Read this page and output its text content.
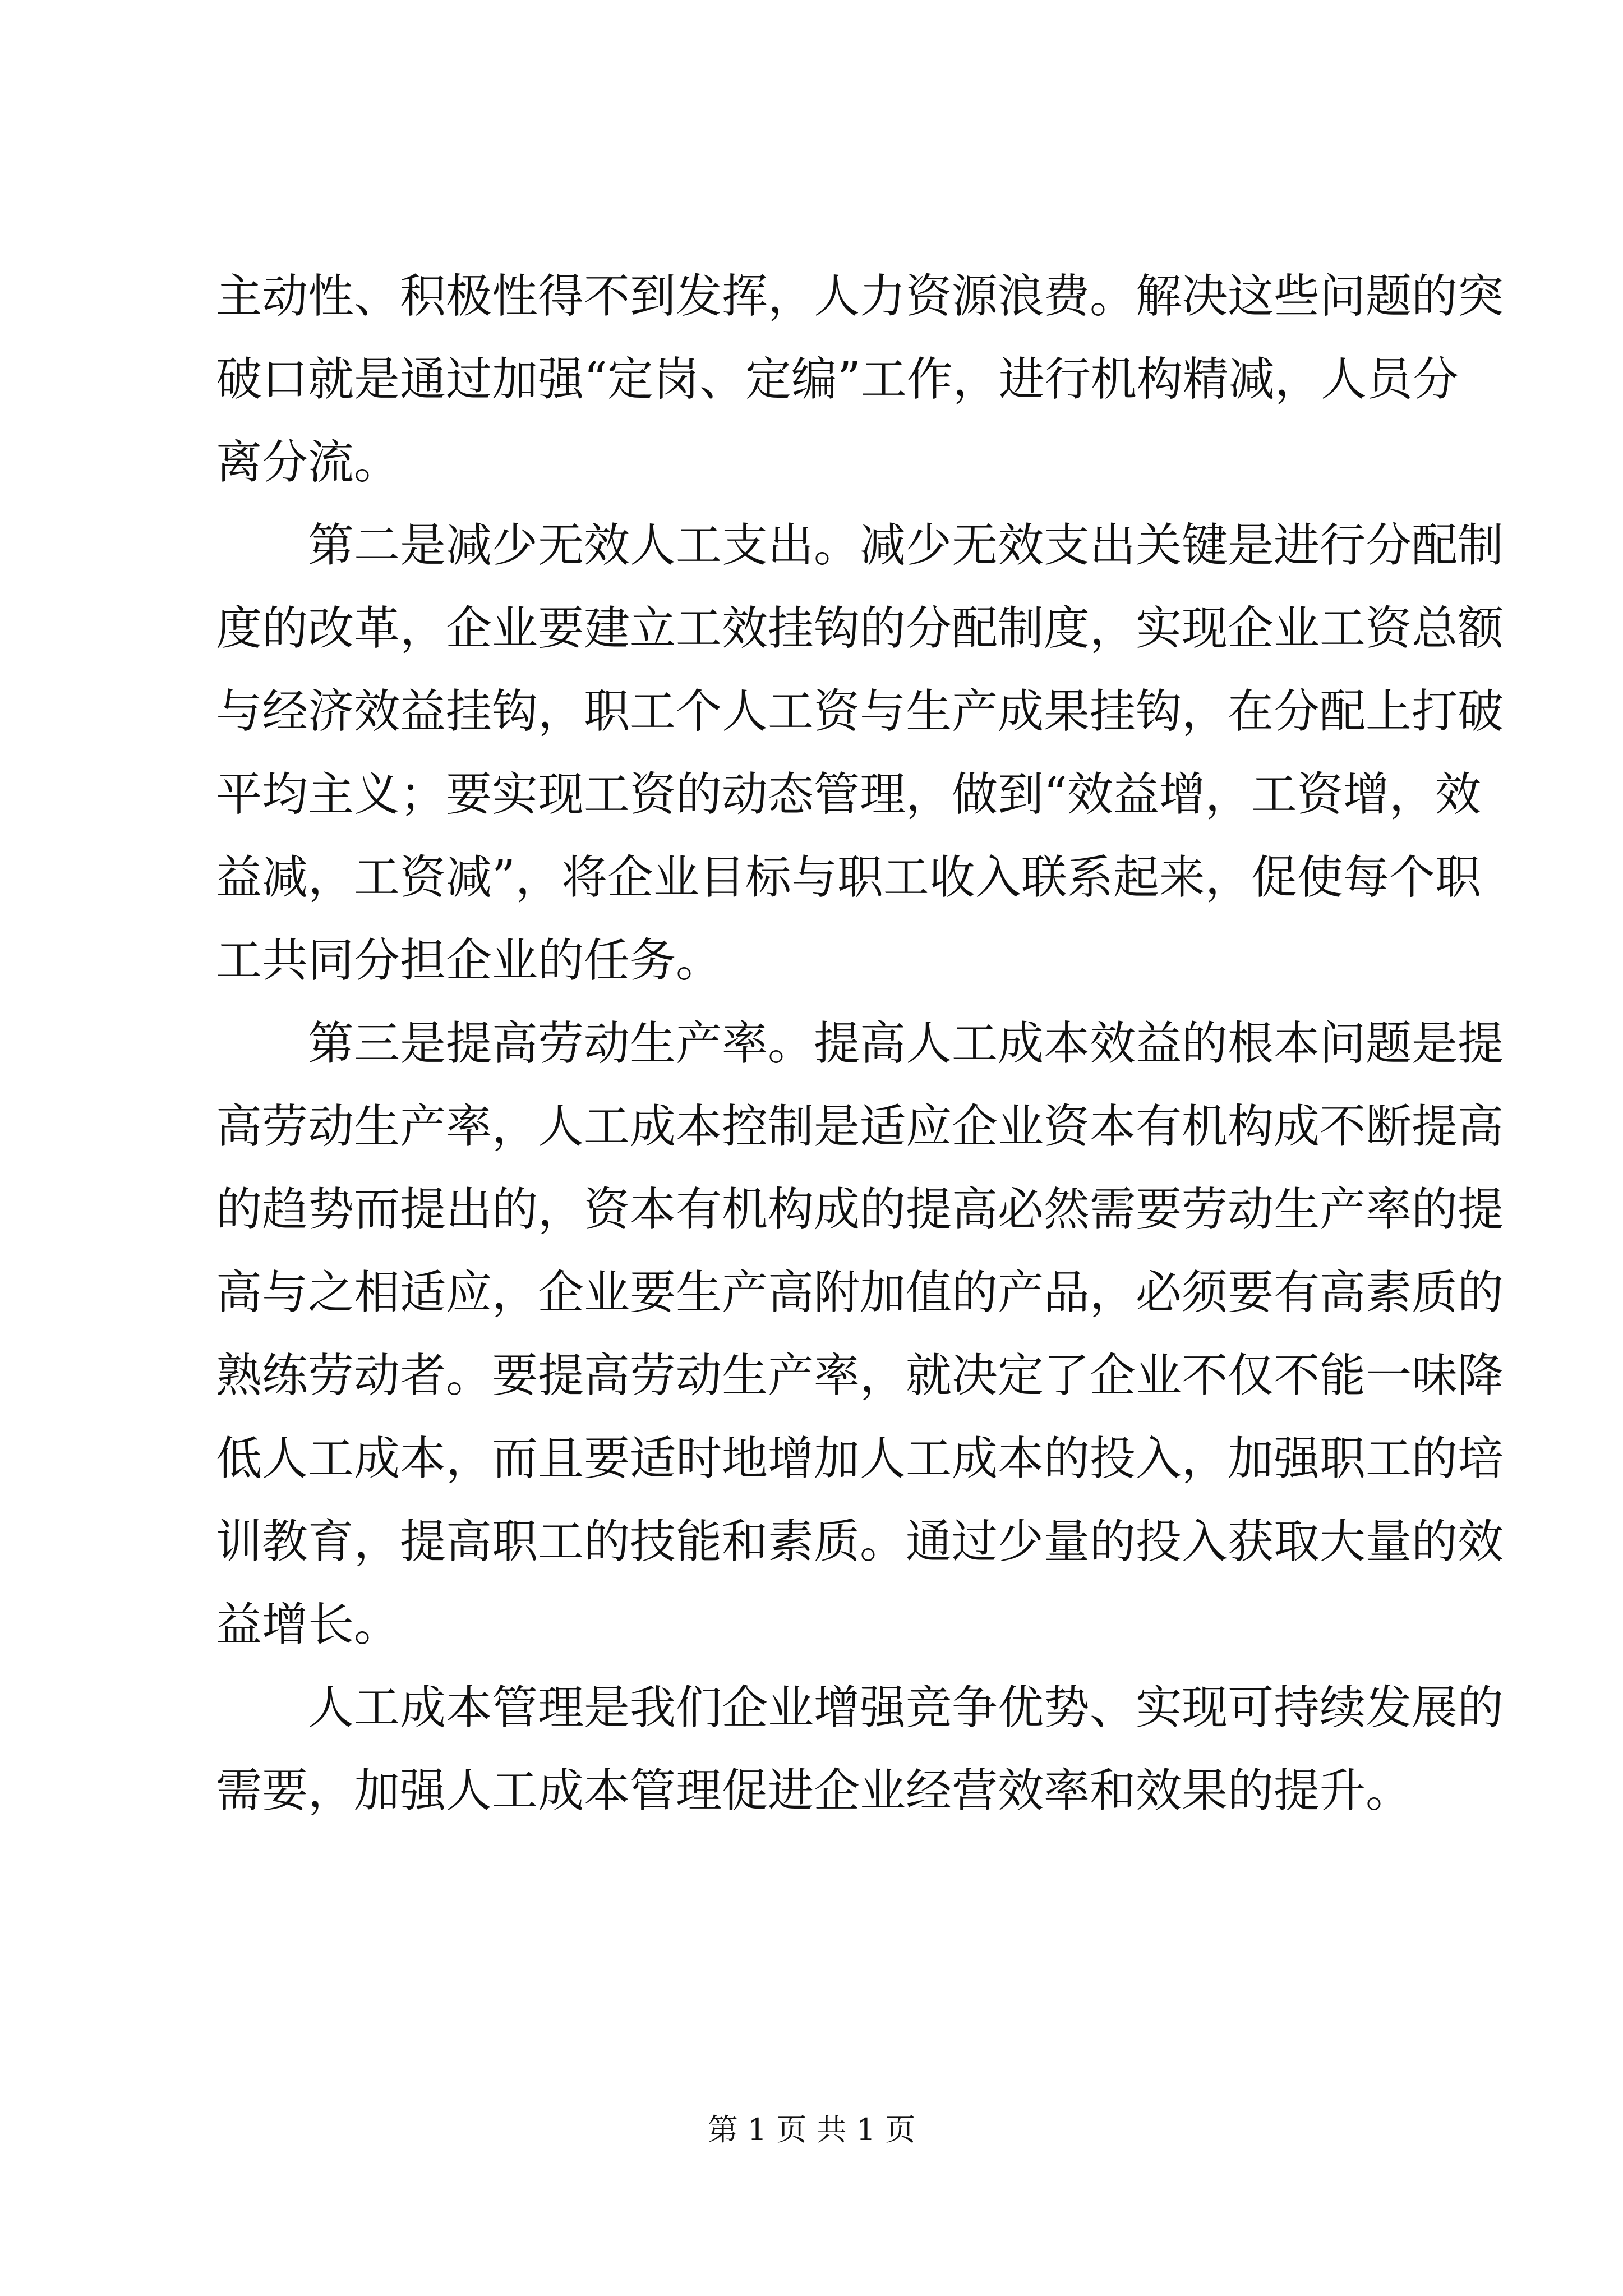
主动性、积极性得不到发挥，人力资源浪费。解决这些问题的突
破口就是通过加强“定岗、定编”工作，进行机构精减，人员分
离分流。
第二是减少无效人工支出。减少无效支出关键是进行分配制
度的改革，企业要建立工效挂钩的分配制度，实现企业工资总额
与经济效益挂钩，职工个人工资与生产成果挂钩，在分配上打破
平均主义；要实现工资的动态管理，做到“效益增，工资增，效
益减，工资减”，将企业目标与职工收入联系起来，促使每个职
工共同分担企业的任务。
第三是提高劳动生产率。提高人工成本效益的根本问题是提
高劳动生产率，人工成本控制是适应企业资本有机构成不断提高
的趋势而提出的，资本有机构成的提高必然需要劳动生产率的提
高与之相适应，企业要生产高附加值的产品，必须要有高素质的
熟练劳动者。要提高劳动生产率，就决定了企业不仅不能一味降
低人工成本，而且要适时地增加人工成本的投入，加强职工的培
训教育，提高职工的技能和素质。通过少量的投入获取大量的效
益增长。
人工成本管理是我们企业增强竞争优势、实现可持续发展的
需要，加强人工成本管理促进企业经营效率和效果的提升。
第 1 页 共 1 页
